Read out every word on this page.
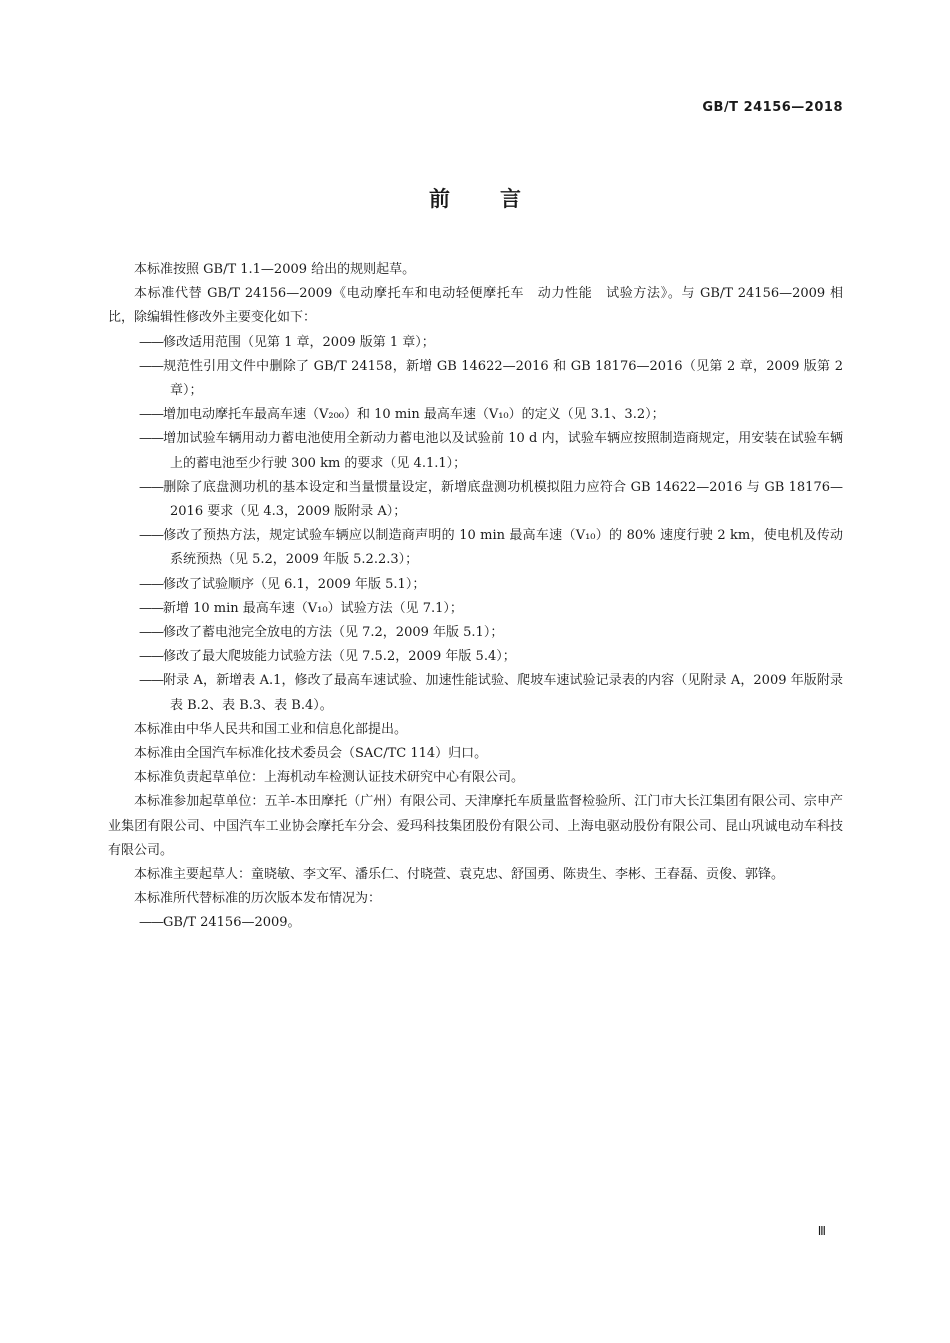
GB/T 24156—2018
前言

本标准按照 GB/T 1.1—2009 给出的规则起草。

本标准代替 GB/T 24156—2009《电动摩托车和电动轻便摩托车　动力性能　试验方法》。与 GB/T 24156—2009 相比，除编辑性修改外主要变化如下：

—— 修改适用范围（见第 1 章，2009 版第 1 章）；
—— 规范性引用文件中删除了 GB/T 24158，新增 GB 14622—2016 和 GB 18176—2016（见第 2 章，2009 版第 2 章）；
—— 增加电动摩托车最高车速（V₂₀₀）和 10 min 最高车速（V₁₀）的定义（见 3.1、3.2）；
—— 增加试验车辆用动力蓄电池使用全新动力蓄电池以及试验前 10 d 内，试验车辆应按照制造商规定，用安装在试验车辆上的蓄电池至少行驶 300 km 的要求（见 4.1.1）；
—— 删除了底盘测功机的基本设定和当量惯量设定，新增底盘测功机模拟阻力应符合 GB 14622—2016 与 GB 18176—2016 要求（见 4.3，2009 版附录 A）；
—— 修改了预热方法，规定试验车辆应以制造商声明的 10 min 最高车速（V₁₀）的 80% 速度行驶 2 km，使电机及传动系统预热（见 5.2，2009 年版 5.2.2.3）；
—— 修改了试验顺序（见 6.1，2009 年版 5.1）；
—— 新增 10 min 最高车速（V₁₀）试验方法（见 7.1）；
—— 修改了蓄电池完全放电的方法（见 7.2，2009 年版 5.1）；
—— 修改了最大爬坡能力试验方法（见 7.5.2，2009 年版 5.4）；
—— 附录 A，新增表 A.1，修改了最高车速试验、加速性能试验、爬坡车速试验记录表的内容（见附录 A，2009 年版附录表 B.2、表 B.3、表 B.4）。

本标准由中华人民共和国工业和信息化部提出。

本标准由全国汽车标准化技术委员会（SAC/TC 114）归口。

本标准负责起草单位：上海机动车检测认证技术研究中心有限公司。

本标准参加起草单位：五羊-本田摩托（广州）有限公司、天津摩托车质量监督检验所、江门市大长江集团有限公司、宗申产业集团有限公司、中国汽车工业协会摩托车分会、爱玛科技集团股份有限公司、上海电驱动股份有限公司、昆山巩诚电动车科技有限公司。

本标准主要起草人：童晓敏、李文军、潘乐仁、付晓萱、袁克忠、舒国勇、陈贵生、李彬、王春磊、贡俊、郭锋。

本标准所代替标准的历次版本发布情况为：

—— GB/T 24156—2009。
Ⅲ
